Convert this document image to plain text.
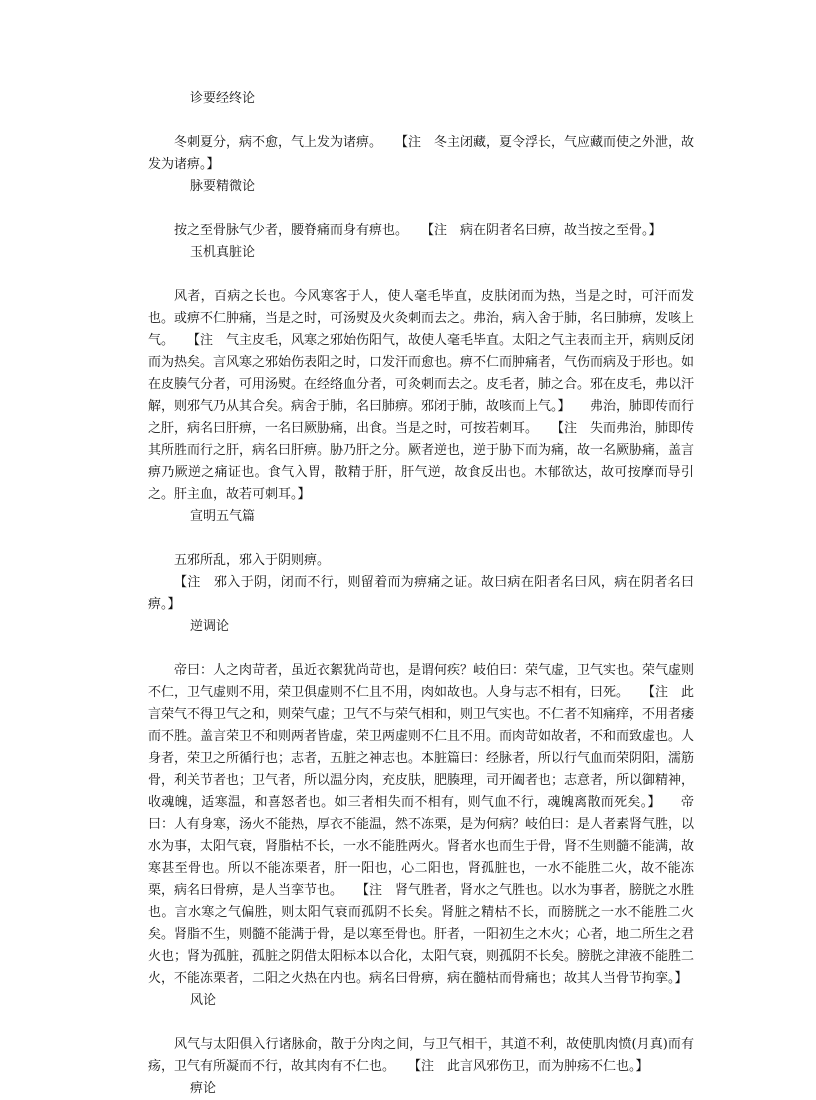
诊要经终论

冬刺夏分，病不愈，气上发为诸痹。　　【注　冬主闭藏，夏令浮长，气应藏而使之外泄，故发为诸痹。】

脉要精微论

按之至骨脉气少者，腰脊痛而身有痹也。　　【注　病在阴者名曰痹，故当按之至骨。】

玉机真脏论

风者，百病之长也。今风寒客于人，使人毫毛毕直，皮肤闭而为热，当是之时，可汗而发也。或痹不仁肿痛，当是之时，可汤熨及火灸刺而去之。弗治，病入舍于肺，名曰肺痹，发咳上气。　　【注　气主皮毛，风寒之邪始伤阳气，故使人毫毛毕直。太阳之气主表而主开，病则反闭而为热矣。言风寒之邪始伤表阳之时，口发汗而愈也。痹不仁而肿痛者，气伤而病及于形也。如在皮腠气分者，可用汤熨。在经络血分者，可灸刺而去之。皮毛者，肺之合。邪在皮毛，弗以汗解，则邪气乃从其合矣。病舍于肺，名曰肺痹。邪闭于肺，故咳而上气。】　　弗治，肺即传而行之肝，病名曰肝痹，一名曰厥胁痛，出食。当是之时，可按若刺耳。　　【注　失而弗治，肺即传其所胜而行之肝，病名曰肝痹。胁乃肝之分。厥者逆也，逆于胁下而为痛，故一名厥胁痛，盖言痹乃厥逆之痛证也。食气入胃，散精于肝，肝气逆，故食反出也。木郁欲达，故可按摩而导引之。肝主血，故若可刺耳。】

宣明五气篇

五邪所乱，邪入于阴则痹。

【注　邪入于阴，闭而不行，则留着而为痹痛之证。故曰病在阳者名曰风，病在阴者名曰痹。】

逆调论

帝曰：人之肉苛者，虽近衣絮犹尚苛也，是谓何疾？岐伯曰：荣气虚，卫气实也。荣气虚则不仁，卫气虚则不用，荣卫俱虚则不仁且不用，肉如故也。人身与志不相有，曰死。　　【注　此言荣气不得卫气之和，则荣气虚；卫气不与荣气相和，则卫气实也。不仁者不知痛痒，不用者痿而不胜。盖言荣卫不和则两者皆虚，荣卫两虚则不仁且不用。而肉苛如故者，不和而致虚也。人身者，荣卫之所循行也；志者，五脏之神志也。本脏篇曰：经脉者，所以行气血而荣阴阳，濡筋骨，利关节者也；卫气者，所以温分肉，充皮肤，肥腠理，司开阖者也；志意者，所以御精神，收魂魄，适寒温，和喜怒者也。如三者相失而不相有，则气血不行，魂魄离散而死矣。】　　帝曰：人有身寒，汤火不能热，厚衣不能温，然不冻栗，是为何病？岐伯曰：是人者素肾气胜，以水为事，太阳气衰，肾脂枯不长，一水不能胜两火。肾者水也而生于骨，肾不生则髓不能满，故寒甚至骨也。所以不能冻栗者，肝一阳也，心二阳也，肾孤脏也，一水不能胜二火，故不能冻栗，病名曰骨痹，是人当挛节也。　　【注　肾气胜者，肾水之气胜也。以水为事者，膀胱之水胜也。言水寒之气偏胜，则太阳气衰而孤阴不长矣。肾脏之精枯不长，而膀胱之一水不能胜二火矣。肾脂不生，则髓不能满于骨，是以寒至骨也。肝者，一阳初生之木火；心者，地二所生之君火也；肾为孤脏，孤脏之阴借太阳标本以合化，太阳气衰，则孤阴不长矣。膀胱之津液不能胜二火，不能冻栗者，二阳之火热在内也。病名曰骨痹，病在髓枯而骨痛也；故其人当骨节拘挛。】

风论

风气与太阳俱入行诸脉俞，散于分肉之间，与卫气相干，其道不利，故使肌肉愤(月真)而有疡，卫气有所凝而不行，故其肉有不仁也。　　【注　此言风邪伤卫，而为肿疡不仁也。】

痹论
